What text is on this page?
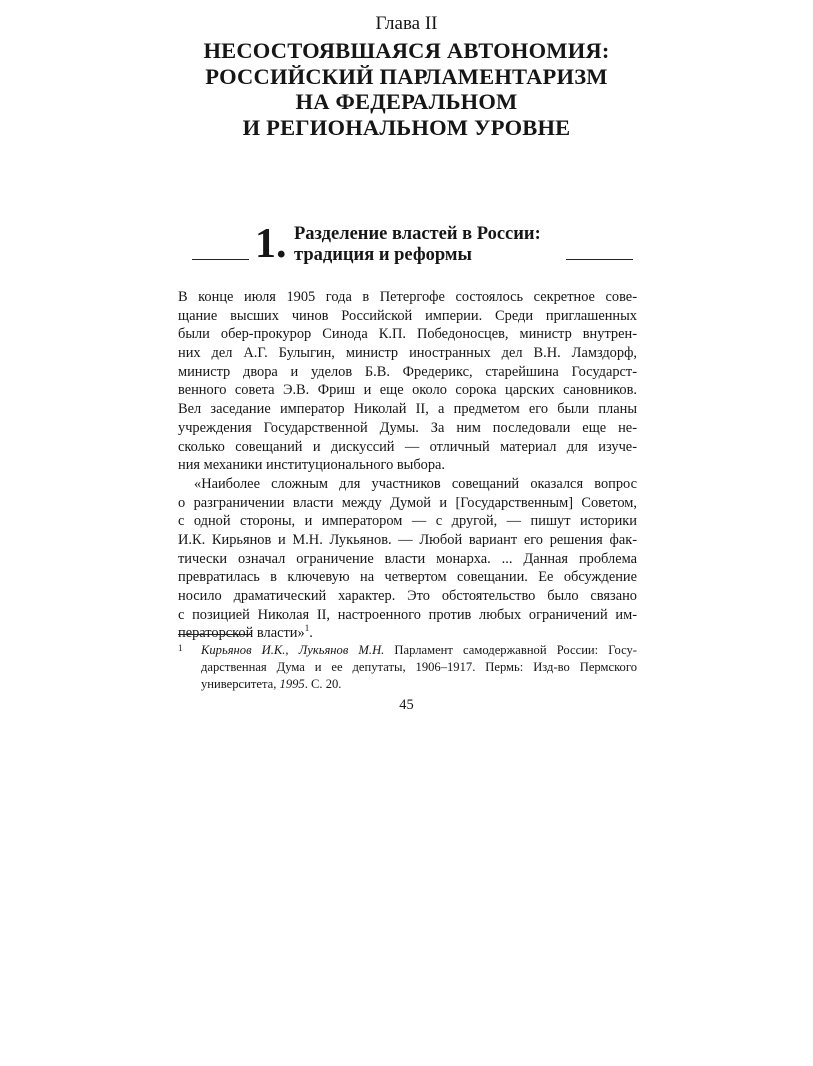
Глава II
НЕСОСТОЯВШАЯСЯ АВТОНОМИЯ:
РОССИЙСКИЙ ПАРЛАМЕНТАРИЗМ
НА ФЕДЕРАЛЬНОМ
И РЕГИОНАЛЬНОМ УРОВНЕ
1. Разделение властей в России:
традиция и реформы
В конце июля 1905 года в Петергофе состоялось секретное сове-
щание высших чинов Российской империи. Среди приглашенных
были обер-прокурор Синода К.П. Победоносцев, министр внутрен-
них дел А.Г. Булыгин, министр иностранных дел В.Н. Ламздорф,
министр двора и уделов Б.В. Фредерикс, старейшина Государст-
венного совета Э.В. Фриш и еще около сорока царских сановников.
Вел заседание император Николай II, а предметом его были планы
учреждения Государственной Думы. За ним последовали еще не-
сколько совещаний и дискуссий — отличный материал для изуче-
ния механики институционального выбора.
«Наиболее сложным для участников совещаний оказался вопрос
о разграничении власти между Думой и [Государственным] Советом,
с одной стороны, и императором — с другой, — пишут историки
И.К. Кирьянов и М.Н. Лукьянов. — Любой вариант его решения фак-
тически означал ограничение власти монарха. ... Данная проблема
превратилась в ключевую на четвертом совещании. Ее обсуждение
носило драматический характер. Это обстоятельство было связано
с позицией Николая II, настроенного против любых ограничений им-
ператорской власти»$^1$.
1 Кирьянов И.К., Лукьянов М.Н. Парламент самодержавной России: Госу-
дарственная Дума и ее депутаты, 1906–1917. Пермь: Изд-во Пермского
университета, 1995. С. 20.
45
